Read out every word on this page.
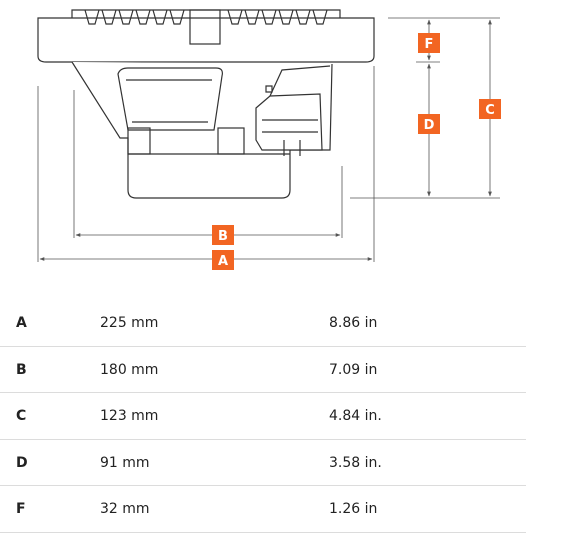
A
B
C
D
F
A	225 mm	8.86 in
B	180 mm	7.09 in
C	123 mm	4.84 in.
D	91 mm	3.58 in.
F	32 mm	1.26 in
